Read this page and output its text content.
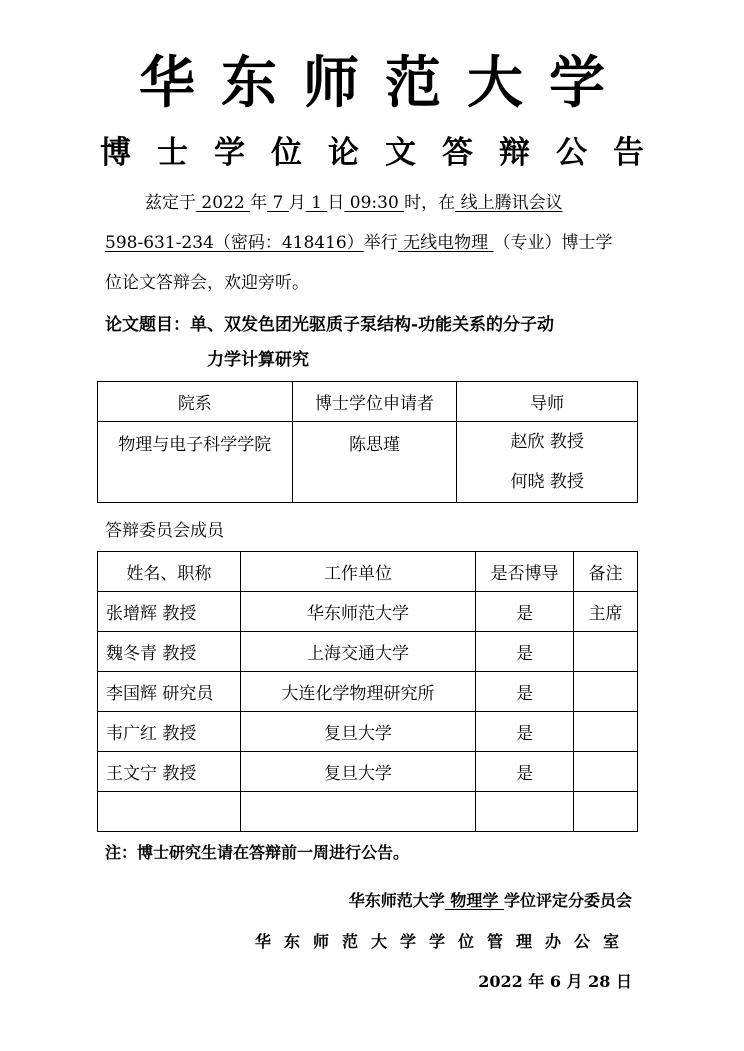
华东师范大学
博士学位论文答辩公告
兹定于 2022 年 7 月 1 日 09:30 时，在 线上腾讯会议
598-631-234（密码：418416）举行 无线电物理 （专业）博士学
位论文答辩会，欢迎旁听。
论文题目：单、双发色团光驱质子泵结构-功能关系的分子动
力学计算研究
院系	博士学位申请者	导师
物理与电子科学学院	陈思瑾	赵欣 教授
何晓 教授
答辩委员会成员
姓名、职称	工作单位	是否博导	备注
张增辉 教授	华东师范大学	是	主席
魏冬青 教授	上海交通大学	是	
李国辉 研究员	大连化学物理研究所	是	
韦广红 教授	复旦大学	是	
王文宁 教授	复旦大学	是	

注：博士研究生请在答辩前一周进行公告。
华东师范大学 物理学 学位评定分委员会
华东师范大学学位管理办公室
2022 年 6 月 28 日
